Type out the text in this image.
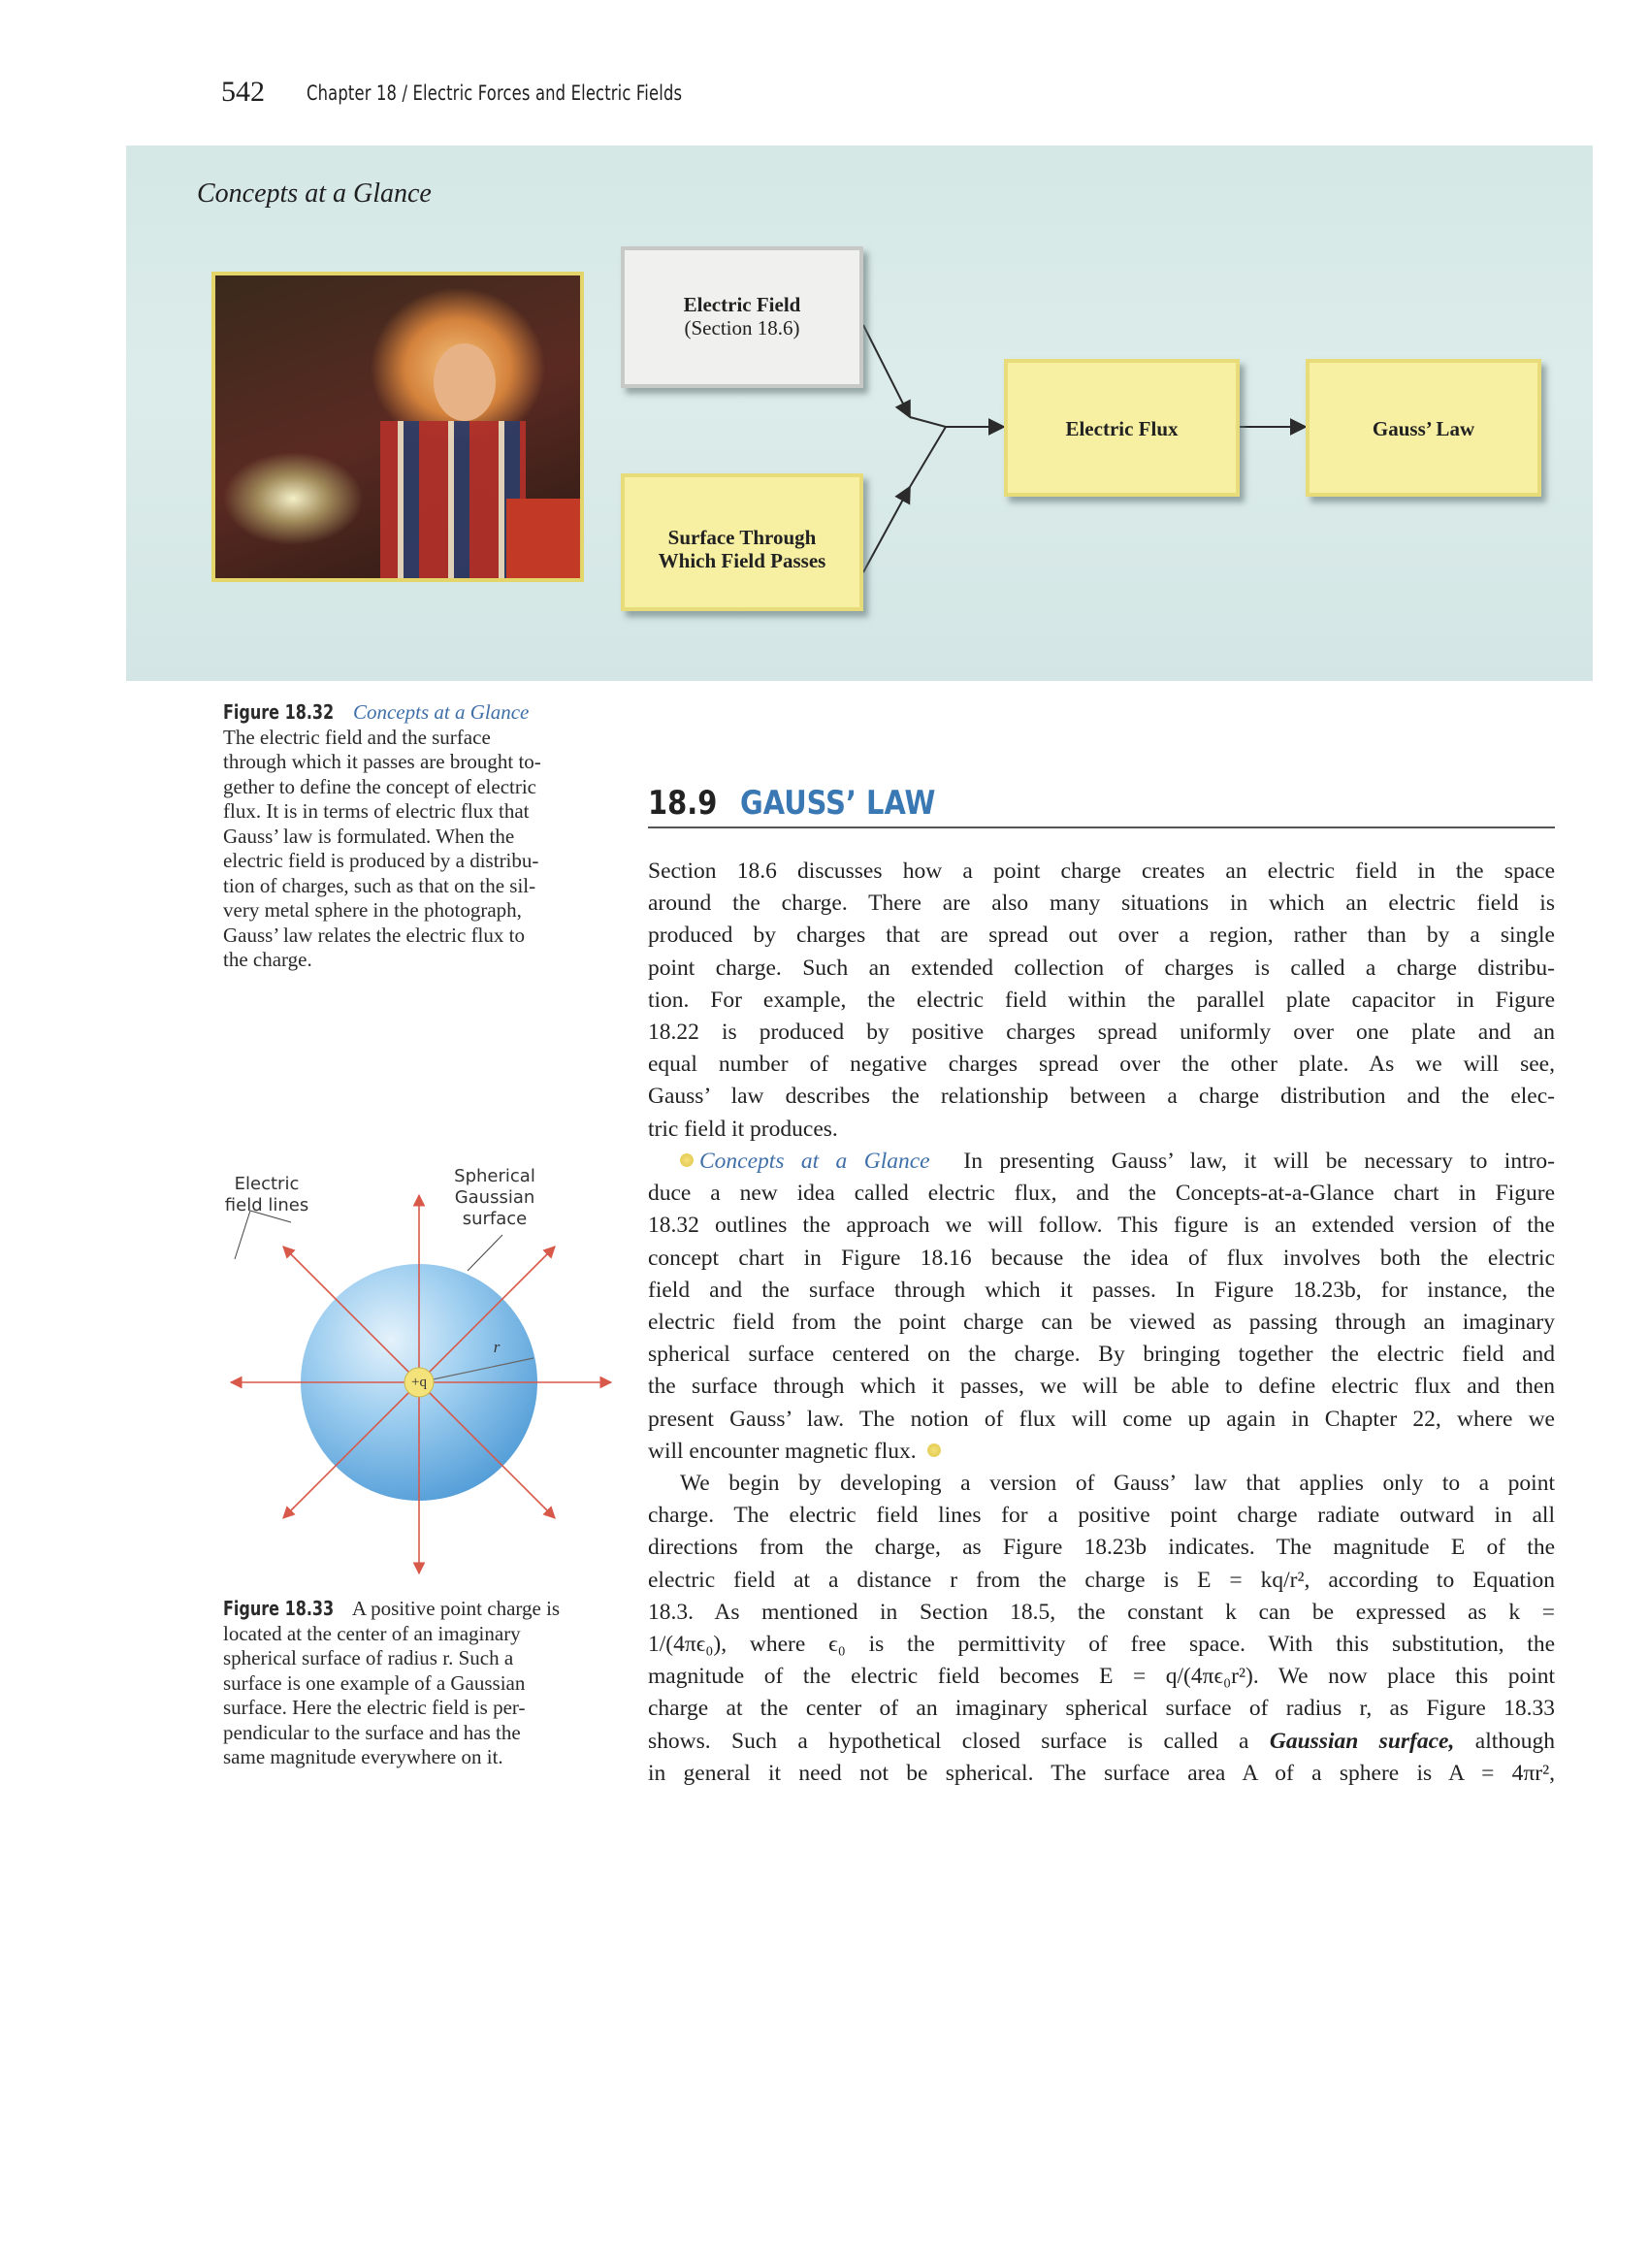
542 Chapter 18 / Electric Forces and Electric Fields
Concepts at a Glance
Electric Field
(Section 18.6)
Surface Through
Which Field Passes
Electric Flux	Gauss’ Law
Figure 18.32 Concepts at a Glance
The electric field and the surface
through which it passes are brought to-
gether to define the concept of electric
flux. It is in terms of electric flux that
Gauss’ law is formulated. When the
electric field is produced by a distribu-
tion of charges, such as that on the sil-
very metal sphere in the photograph,
Gauss’ law relates the electric flux to
the charge.
18.9 GAUSS’ LAW
Section 18.6 discusses how a point charge creates an electric field in the space
around the charge. There are also many situations in which an electric field is
produced by charges that are spread out over a region, rather than by a single
point charge. Such an extended collection of charges is called a charge distribu-
tion. For example, the electric field within the parallel plate capacitor in Figure
18.22 is produced by positive charges spread uniformly over one plate and an
equal number of negative charges spread over the other plate. As we will see,
Gauss’ law describes the relationship between a charge distribution and the elec-
tric field it produces.
Concepts at a Glance In presenting Gauss’ law, it will be necessary to intro-
duce a new idea called electric flux, and the Concepts-at-a-Glance chart in Figure
18.32 outlines the approach we will follow. This figure is an extended version of the
concept chart in Figure 18.16 because the idea of flux involves both the electric
field and the surface through which it passes. In Figure 18.23b, for instance, the
electric field from the point charge can be viewed as passing through an imaginary
spherical surface centered on the charge. By bringing together the electric field and
the surface through which it passes, we will be able to define electric flux and then
present Gauss’ law. The notion of flux will come up again in Chapter 22, where we
will encounter magnetic flux.
We begin by developing a version of Gauss’ law that applies only to a point
charge. The electric field lines for a positive point charge radiate outward in all
directions from the charge, as Figure 18.23b indicates. The magnitude E of the
electric field at a distance r from the charge is E = kq/r², according to Equation
18.3. As mentioned in Section 18.5, the constant k can be expressed as k =
1/(4πϵ₀), where ϵ₀ is the permittivity of free space. With this substitution, the
magnitude of the electric field becomes E = q/(4πϵ₀r²). We now place this point
charge at the center of an imaginary spherical surface of radius r, as Figure 18.33
shows. Such a hypothetical closed surface is called a Gaussian surface, although
in general it need not be spherical. The surface area A of a sphere is A = 4πr²,
Electric
field lines
Spherical
Gaussian
surface
r
+q
Figure 18.33 A positive point charge is
located at the center of an imaginary
spherical surface of radius r. Such a
surface is one example of a Gaussian
surface. Here the electric field is per-
pendicular to the surface and has the
same magnitude everywhere on it.
